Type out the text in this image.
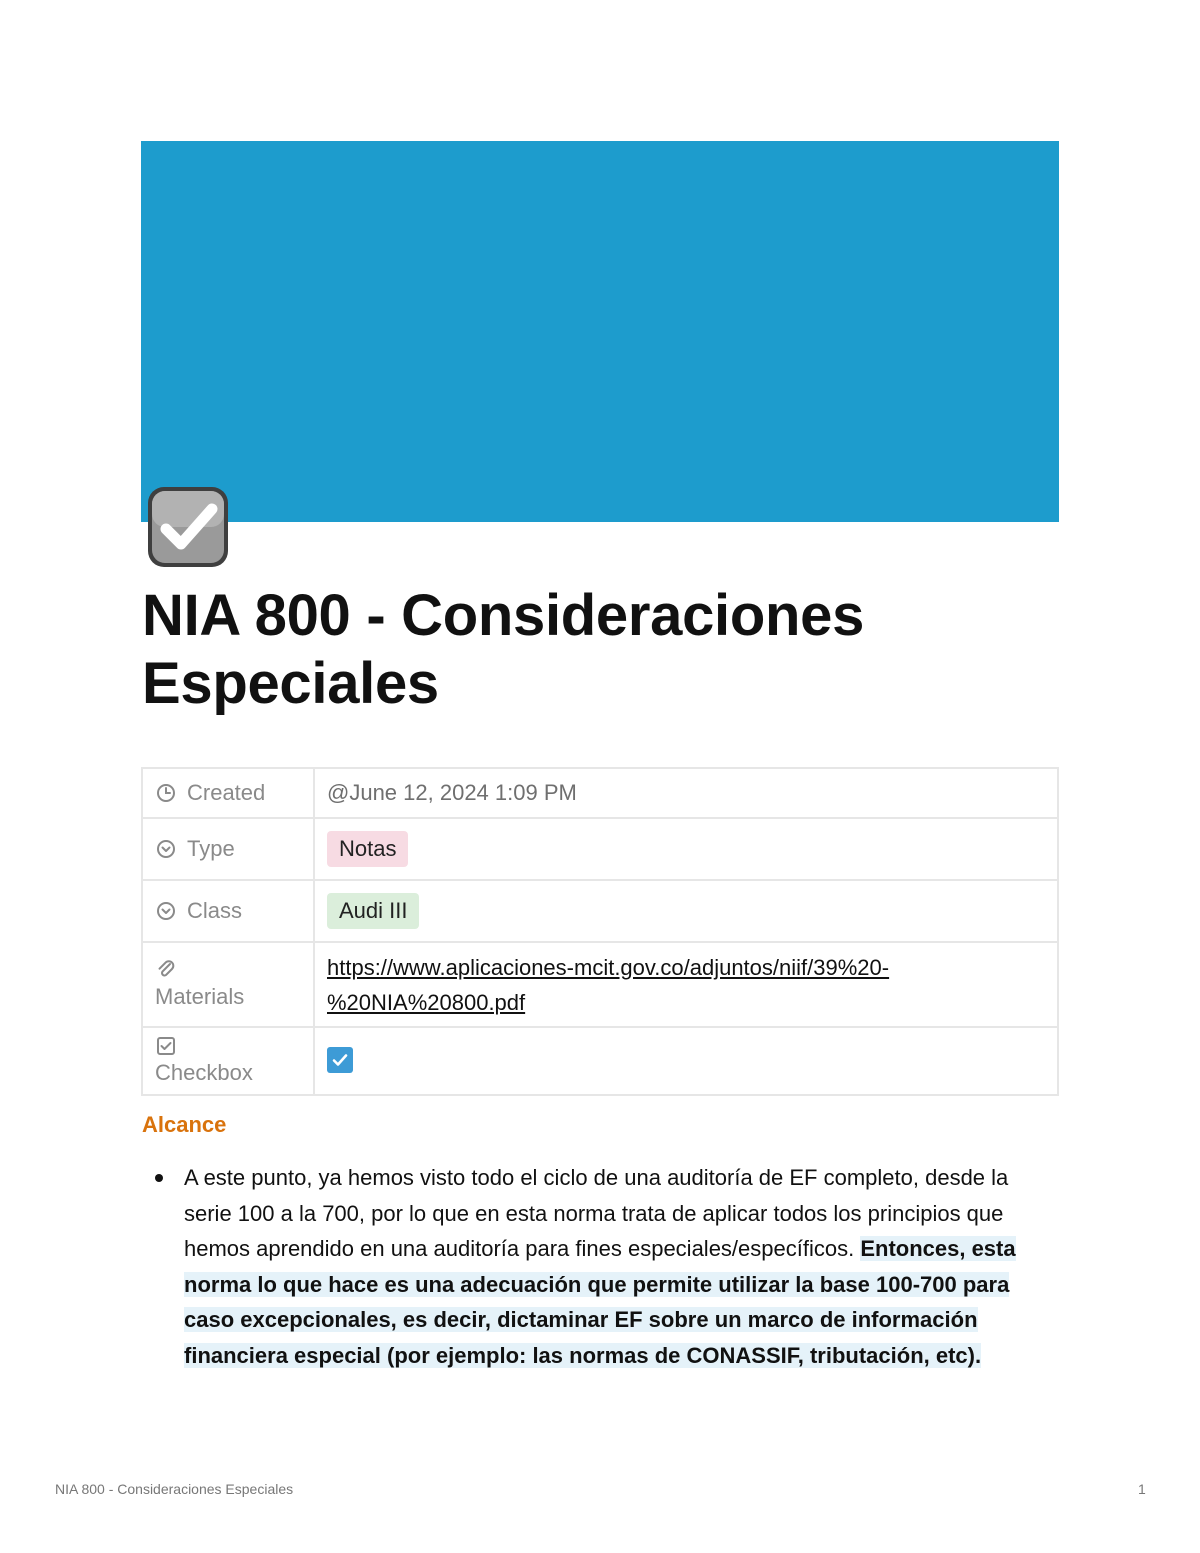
NIA 800 - Consideraciones Especiales
Created	@June 12, 2024 1:09 PM

Type	Notas

Class	Audi III

Materials	https://www.aplicaciones-mcit.gov.co/adjuntos/niif/39%20-
%20NIA%20800.pdf

Checkbox

Alcance
A este punto, ya hemos visto todo el ciclo de una auditoría de EF completo, desde la serie 100 a la 700, por lo que en esta norma trata de aplicar todos los principios que hemos aprendido en una auditoría para fines especiales/específicos. Entonces, esta norma lo que hace es una adecuación que permite utilizar la base 100-700 para caso excepcionales, es decir, dictaminar EF sobre un marco de información financiera especial (por ejemplo: las normas de CONASSIF, tributación, etc).
NIA 800 - Consideraciones Especiales	1
